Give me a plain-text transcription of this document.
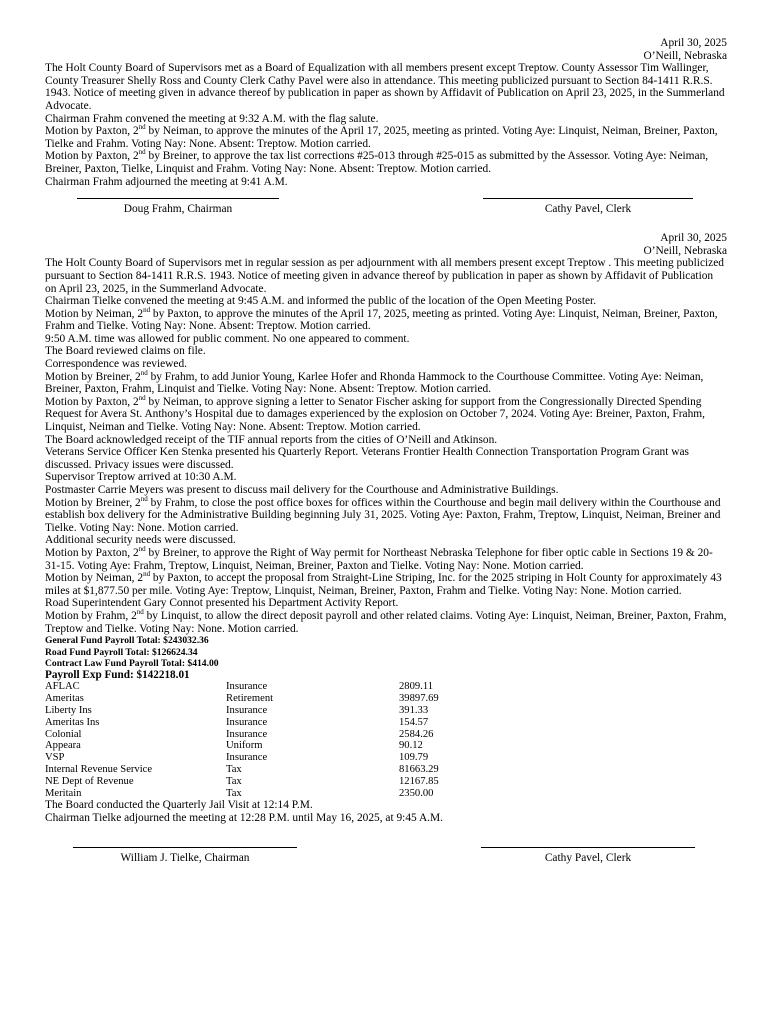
April 30, 2025
O’Neill, Nebraska

The Holt County Board of Supervisors met as a Board of Equalization with all members present except Treptow. County Assessor Tim Wallinger, County Treasurer Shelly Ross and County Clerk Cathy Pavel were also in attendance. This meeting publicized pursuant to Section 84-1411 R.R.S. 1943. Notice of meeting given in advance thereof by publication in paper as shown by Affidavit of Publication on April 23, 2025, in the Summerland Advocate.

Chairman Frahm convened the meeting at 9:32 A.M. with the flag salute.

Motion by Paxton, 2nd by Neiman, to approve the minutes of the April 17, 2025, meeting as printed. Voting Aye: Linquist, Neiman, Breiner, Paxton, Tielke and Frahm. Voting Nay: None. Absent: Treptow. Motion carried.

Motion by Paxton, 2nd by Breiner, to approve the tax list corrections #25-013 through #25-015 as submitted by the Assessor. Voting Aye: Neiman, Breiner, Paxton, Tielke, Linquist and Frahm. Voting Nay: None. Absent: Treptow. Motion carried.

Chairman Frahm adjourned the meeting at 9:41 A.M.

Doug Frahm, Chairman	Cathy Pavel, Clerk
April 30, 2025
O’Neill, Nebraska

The Holt County Board of Supervisors met in regular session as per adjournment with all members present except Treptow . This meeting publicized pursuant to Section 84-1411 R.R.S. 1943. Notice of meeting given in advance thereof by publication in paper as shown by Affidavit of Publication on April 23, 2025, in the Summerland Advocate.

Chairman Tielke convened the meeting at 9:45 A.M. and informed the public of the location of the Open Meeting Poster.

Motion by Neiman, 2nd by Paxton, to approve the minutes of the April 17, 2025, meeting as printed. Voting Aye: Linquist, Neiman, Breiner, Paxton, Frahm and Tielke. Voting Nay: None. Absent: Treptow. Motion carried.

9:50 A.M. time was allowed for public comment. No one appeared to comment.

The Board reviewed claims on file.

Correspondence was reviewed.

Motion by Breiner, 2nd by Frahm, to add Junior Young, Karlee Hofer and Rhonda Hammock to the Courthouse Committee. Voting Aye: Neiman, Breiner, Paxton, Frahm, Linquist and Tielke. Voting Nay: None. Absent: Treptow. Motion carried.

Motion by Paxton, 2nd by Neiman, to approve signing a letter to Senator Fischer asking for support from the Congressionally Directed Spending Request for Avera St. Anthony’s Hospital due to damages experienced by the explosion on October 7, 2024. Voting Aye: Breiner, Paxton, Frahm, Linquist, Neiman and Tielke. Voting Nay: None. Absent: Treptow. Motion carried.

The Board acknowledged receipt of the TIF annual reports from the cities of O’Neill and Atkinson.

Veterans Service Officer Ken Stenka presented his Quarterly Report. Veterans Frontier Health Connection Transportation Program Grant was discussed. Privacy issues were discussed.

Supervisor Treptow arrived at 10:30 A.M.

Postmaster Carrie Meyers was present to discuss mail delivery for the Courthouse and Administrative Buildings.

Motion by Breiner, 2nd by Frahm, to close the post office boxes for offices within the Courthouse and begin mail delivery within the Courthouse and establish box delivery for the Administrative Building beginning July 31, 2025. Voting Aye: Paxton, Frahm, Treptow, Linquist, Neiman, Breiner and Tielke. Voting Nay: None. Motion carried.

Additional security needs were discussed.

Motion by Paxton, 2nd by Breiner, to approve the Right of Way permit for Northeast Nebraska Telephone for fiber optic cable in Sections 19 & 20-31-15. Voting Aye: Frahm, Treptow, Linquist, Neiman, Breiner, Paxton and Tielke. Voting Nay: None. Motion carried.

Motion by Neiman, 2nd by Paxton, to accept the proposal from Straight-Line Striping, Inc. for the 2025 striping in Holt County for approximately 43 miles at $1,877.50 per mile. Voting Aye: Treptow, Linquist, Neiman, Breiner, Paxton, Frahm and Tielke. Voting Nay: None. Motion carried.

Road Superintendent Gary Connot presented his Department Activity Report.

Motion by Frahm, 2nd by Linquist, to allow the direct deposit payroll and other related claims. Voting Aye: Linquist, Neiman, Breiner, Paxton, Frahm, Treptow and Tielke. Voting Nay: None. Motion carried.

General Fund Payroll Total: $243032.36

Road Fund Payroll Total: $126624.34

Contract Law Fund Payroll Total: $414.00

Payroll Exp Fund: $142218.01

AFLAC	Insurance	2809.11
Ameritas	Retirement	39897.69
Liberty Ins	Insurance	391.33
Ameritas Ins	Insurance	154.57
Colonial	Insurance	2584.26
Appeara	Uniform	90.12
VSP	Insurance	109.79
Internal Revenue Service	Tax	81663.29
NE Dept of Revenue	Tax	12167.85
Meritain	Tax	2350.00

The Board conducted the Quarterly Jail Visit at 12:14 P.M.

Chairman Tielke adjourned the meeting at 12:28 P.M. until May 16, 2025, at 9:45 A.M.

William J. Tielke, Chairman	Cathy Pavel, Clerk
